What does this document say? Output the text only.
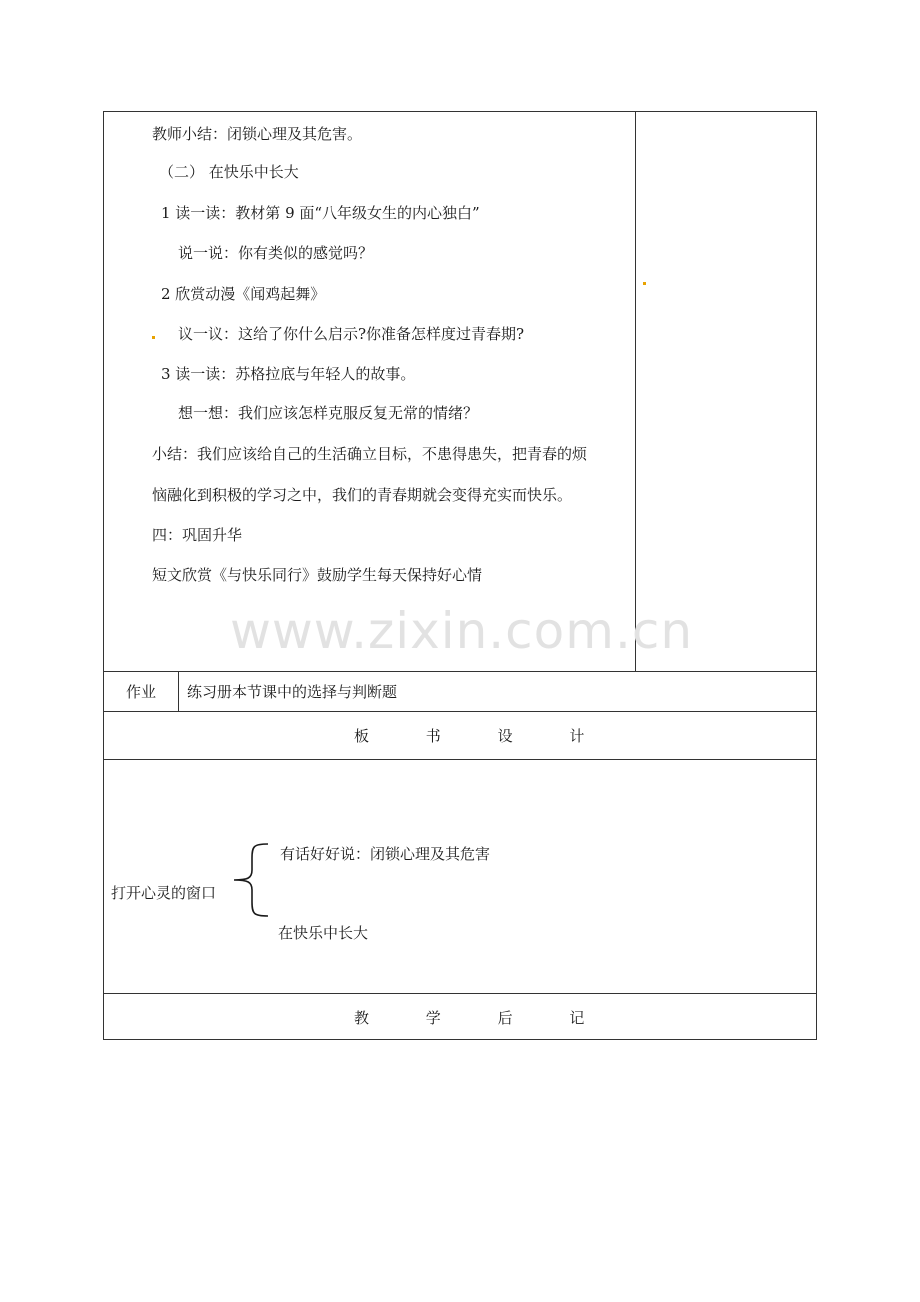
www.zixin.com.cn
教师小结：闭锁心理及其危害。
（二） 在快乐中长大
1 读一读：教材第 9 面“八年级女生的内心独白”
说一说：你有类似的感觉吗？
2 欣赏动漫《闻鸡起舞》
议一议：这给了你什么启示?你准备怎样度过青春期?
3 读一读：苏格拉底与年轻人的故事。
想一想：我们应该怎样克服反复无常的情绪？
小结：我们应该给自己的生活确立目标，不患得患失，把青春的烦
恼融化到积极的学习之中，我们的青春期就会变得充实而快乐。
四：巩固升华
短文欣赏《与快乐同行》鼓励学生每天保持好心情
作业 练习册本节课中的选择与判断题
板	书	设	计
打开心灵的窗口
有话好好说：闭锁心理及其危害
在快乐中长大
教	学	后	记
